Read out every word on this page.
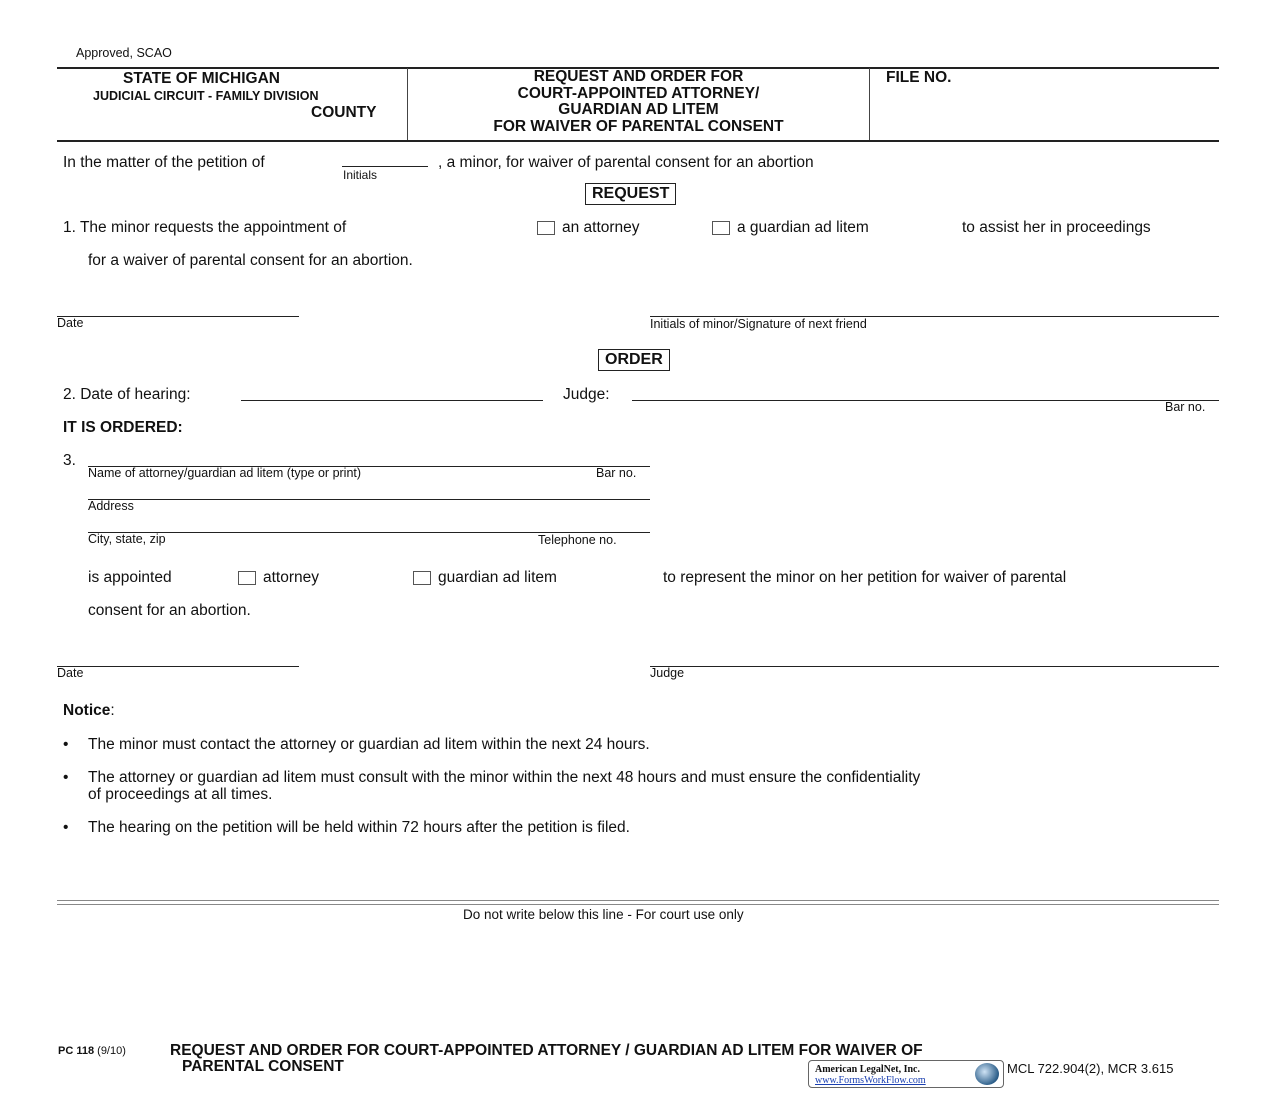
Approved, SCAO
STATE OF MICHIGAN
JUDICIAL CIRCUIT - FAMILY DIVISION
COUNTY
REQUEST AND ORDER FOR
COURT-APPOINTED ATTORNEY/
GUARDIAN AD LITEM
FOR WAIVER OF PARENTAL CONSENT
FILE NO.
In the matter of the petition of
Initials
, a minor, for waiver of parental consent for an abortion
REQUEST
1. The minor requests the appointment of	an attorney	a guardian ad litem	to assist her in proceedings
for a waiver of parental consent for an abortion.
Date	Initials of minor/Signature of next friend
ORDER
2. Date of hearing:	Judge:
Bar no.
IT IS ORDERED:
3.
Name of attorney/guardian ad litem (type or print)	Bar no.
Address
City, state, zip	Telephone no.
is appointed	attorney	guardian ad litem	to represent the minor on her petition for waiver of parental
consent for an abortion.
Date	Judge
Notice:
• The minor must contact the attorney or guardian ad litem within the next 24 hours.
• The attorney or guardian ad litem must consult with the minor within the next 48 hours and must ensure the confidentiality
of proceedings at all times.
• The hearing on the petition will be held within 72 hours after the petition is filed.
Do not write below this line - For court use only
PC 118 (9/10)	REQUEST AND ORDER FOR COURT-APPOINTED ATTORNEY / GUARDIAN AD LITEM FOR WAIVER OF
PARENTAL CONSENT	American LegalNet, Inc.
www.FormsWorkFlow.com
MCL 722.904(2), MCR 3.615
